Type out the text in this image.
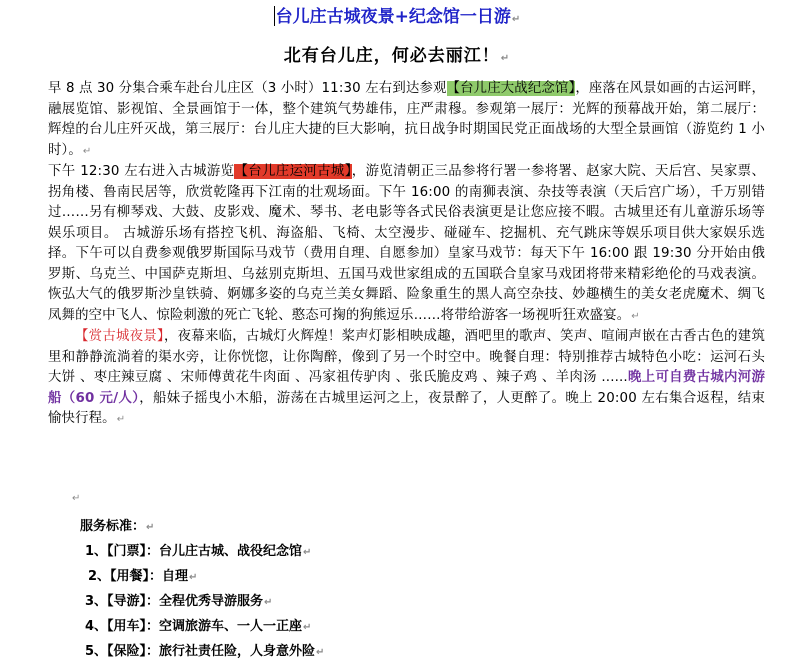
台儿庄古城夜景+纪念馆一日游↵
北有台儿庄，何必去丽江！↵

早 8 点 30 分集合乘车赴台儿庄区（3 小时）11:30 左右到达参观【台儿庄大战纪念馆】，座落在风景如画的古运河畔，融展览馆、影视馆、全景画馆于一体，整个建筑气势雄伟，庄严肃穆。参观第一展厅：光辉的预幕战开始，第二展厅：辉煌的台儿庄歼灭战，第三展厅：台儿庄大捷的巨大影响，抗日战争时期国民党正面战场的大型全景画馆（游览约 1 小时）。↵

下午 12:30 左右进入古城游览【台儿庄运河古城】，游览清朝正三品参将行署一参将署、赵家大院、天后宫、吴家票、拐角楼、鲁南民居等，欣赏乾隆再下江南的壮观场面。下午 16:00 的南狮表演、杂技等表演（天后宫广场），千万别错过……另有柳琴戏、大鼓、皮影戏、魔术、琴书、老电影等各式民俗表演更是让您应接不暇。古城里还有儿童游乐场等娱乐项目。 古城游乐场有搭控飞机、海盗船、飞椅、太空漫步、碰碰车、挖掘机、充气跳床等娱乐项目供大家娱乐选择。下午可以自费参观俄罗斯国际马戏节（费用自理、自愿参加）皇家马戏节：每天下午 16:00 跟 19:30 分开始由俄罗斯、乌克兰、中国萨克斯坦、乌兹别克斯坦、五国马戏世家组成的五国联合皇家马戏团将带来精彩绝伦的马戏表演。恢弘大气的俄罗斯沙皇铁骑、婀娜多姿的乌克兰美女舞蹈、险象重生的黑人高空杂技、妙趣横生的美女老虎魔术、绸飞凤舞的空中飞人、惊险刺激的死亡飞轮、憨态可掬的狗熊逗乐……将带给游客一场视听狂欢盛宴。↵

【赏古城夜景】，夜幕来临，古城灯火辉煌！桨声灯影相映成趣，酒吧里的歌声、笑声、喧闹声嵌在古香古色的建筑里和静静流淌着的渠水旁，让你恍惚，让你陶醉，像到了另一个时空中。晚餐自理：特别推荐古城特色小吃：运河石头大饼 、枣庄辣豆腐 、宋师傅黄花牛肉面 、冯家祖传驴肉 、张氏脆皮鸡 、辣子鸡 、羊肉汤 ......晚上可自费古城内河游船（60 元/人），船妹子摇曳小木船，游荡在古城里运河之上，夜景醉了，人更醉了。晚上 20:00 左右集合返程，结束愉快行程。↵

服务标准：↵
1、【门票】：台儿庄古城、战役纪念馆↵
2、【用餐】：自理↵
3、【导游】：全程优秀导游服务↵
4、【用车】：空调旅游车、一人一正座↵
5、【保险】：旅行社责任险，人身意外险↵
↵
